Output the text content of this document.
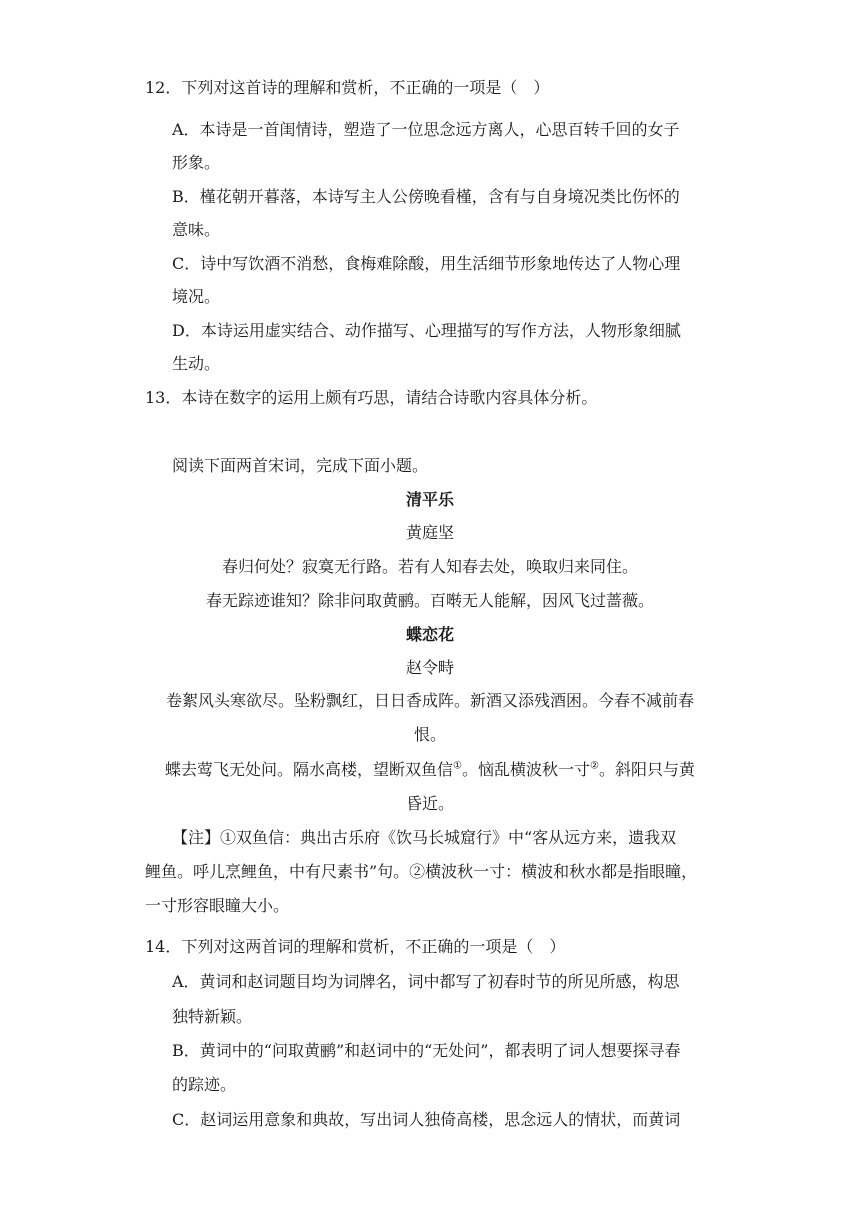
12．下列对这首诗的理解和赏析，不正确的一项是（　）
A．本诗是一首闺情诗，塑造了一位思念远方离人，心思百转千回的女子
形象。
B．槿花朝开暮落，本诗写主人公傍晚看槿，含有与自身境况类比伤怀的
意味。
C．诗中写饮酒不消愁，食梅难除酸，用生活细节形象地传达了人物心理
境况。
D．本诗运用虚实结合、动作描写、心理描写的写作方法，人物形象细腻
生动。
13．本诗在数字的运用上颇有巧思，请结合诗歌内容具体分析。
阅读下面两首宋词，完成下面小题。
清平乐
黄庭坚
春归何处？寂寞无行路。若有人知春去处，唤取归来同住。
春无踪迹谁知？除非问取黄鹂。百啭无人能解，因风飞过蔷薇。
蝶恋花
赵令畤
卷絮风头寒欲尽。坠粉飘红，日日香成阵。新酒又添残酒困。今春不减前春
恨。
蝶去莺飞无处问。隔水高楼，望断双鱼信①。恼乱横波秋一寸②。斜阳只与黄
昏近。
【注】①双鱼信：典出古乐府《饮马长城窟行》中“客从远方来，遗我双
鲤鱼。呼儿烹鲤鱼，中有尺素书”句。②横波秋一寸：横波和秋水都是指眼瞳，
一寸形容眼瞳大小。
14．下列对这两首词的理解和赏析，不正确的一项是（　）
A．黄词和赵词题目均为词牌名，词中都写了初春时节的所见所感，构思
独特新颖。
B．黄词中的“问取黄鹂”和赵词中的“无处问”，都表明了词人想要探寻春
的踪迹。
C．赵词运用意象和典故，写出词人独倚高楼，思念远人的情状，而黄词
